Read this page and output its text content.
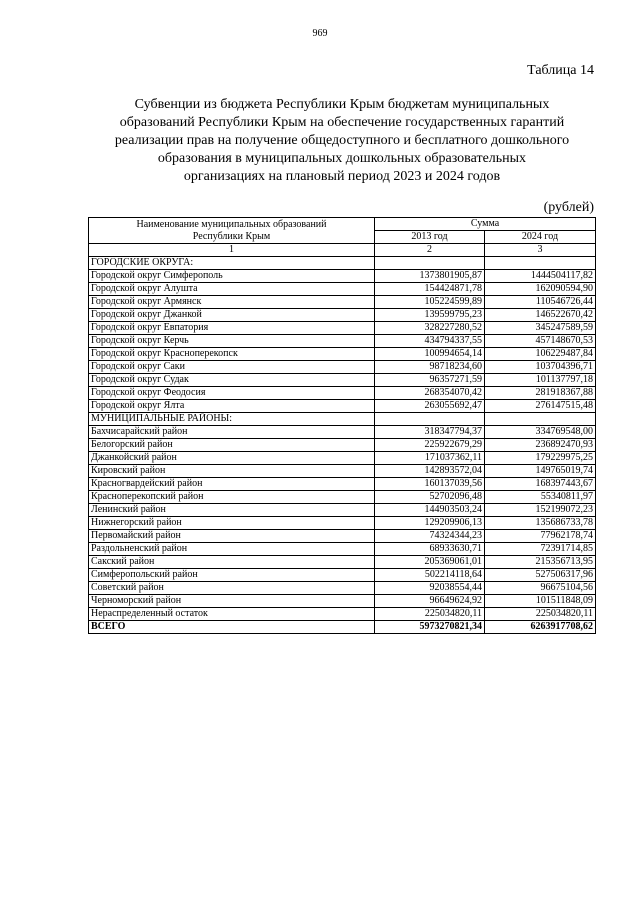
969
Таблица 14
Субвенции из бюджета Республики Крым бюджетам муниципальных
образований Республики Крым на обеспечение государственных гарантий
реализации прав на получение общедоступного и бесплатного дошкольного
образования в муниципальных дошкольных образовательных
организациях на плановый период 2023 и 2024 годов
(рублей)
Наименование муниципальных образований
Республики Крым	Сумма	
	2013 год	2024 год
1	2	3
ГОРОДСКИЕ ОКРУГА:		
Городской округ Симферополь	1373801905,87	1444504117,82
Городской округ Алушта	154424871,78	162090594,90
Городской округ Армянск	105224599,89	110546726,44
Городской округ Джанкой	139599795,23	146522670,42
Городской округ Евпатория	328227280,52	345247589,59
Городской округ Керчь	434794337,55	457148670,53
Городской округ Красноперекопск	100994654,14	106229487,84
Городской округ Саки	98718234,60	103704396,71
Городской округ Судак	96357271,59	101137797,18
Городской округ Феодосия	268354070,42	281918367,88
Городской округ Ялта	263055692,47	276147515,48
МУНИЦИПАЛЬНЫЕ РАЙОНЫ:		
Бахчисарайский район	318347794,37	334769548,00
Белогорский район	225922679,29	236892470,93
Джанкойский район	171037362,11	179229975,25
Кировский район	142893572,04	149765019,74
Красногвардейский район	160137039,56	168397443,67
Красноперекопский район	52702096,48	55340811,97
Ленинский район	144903503,24	152199072,23
Нижнегорский район	129209906,13	135686733,78
Первомайский район	74324344,23	77962178,74
Раздольненский район	68933630,71	72391714,85
Сакский район	205369061,01	215356713,95
Симферопольский район	502214118,64	527506317,96
Советский район	92038554,44	96675104,56
Черноморский район	96649624,92	101511848,09
Нераспределенный остаток	225034820,11	225034820,11
ВСЕГО	5973270821,34	6263917708,62
